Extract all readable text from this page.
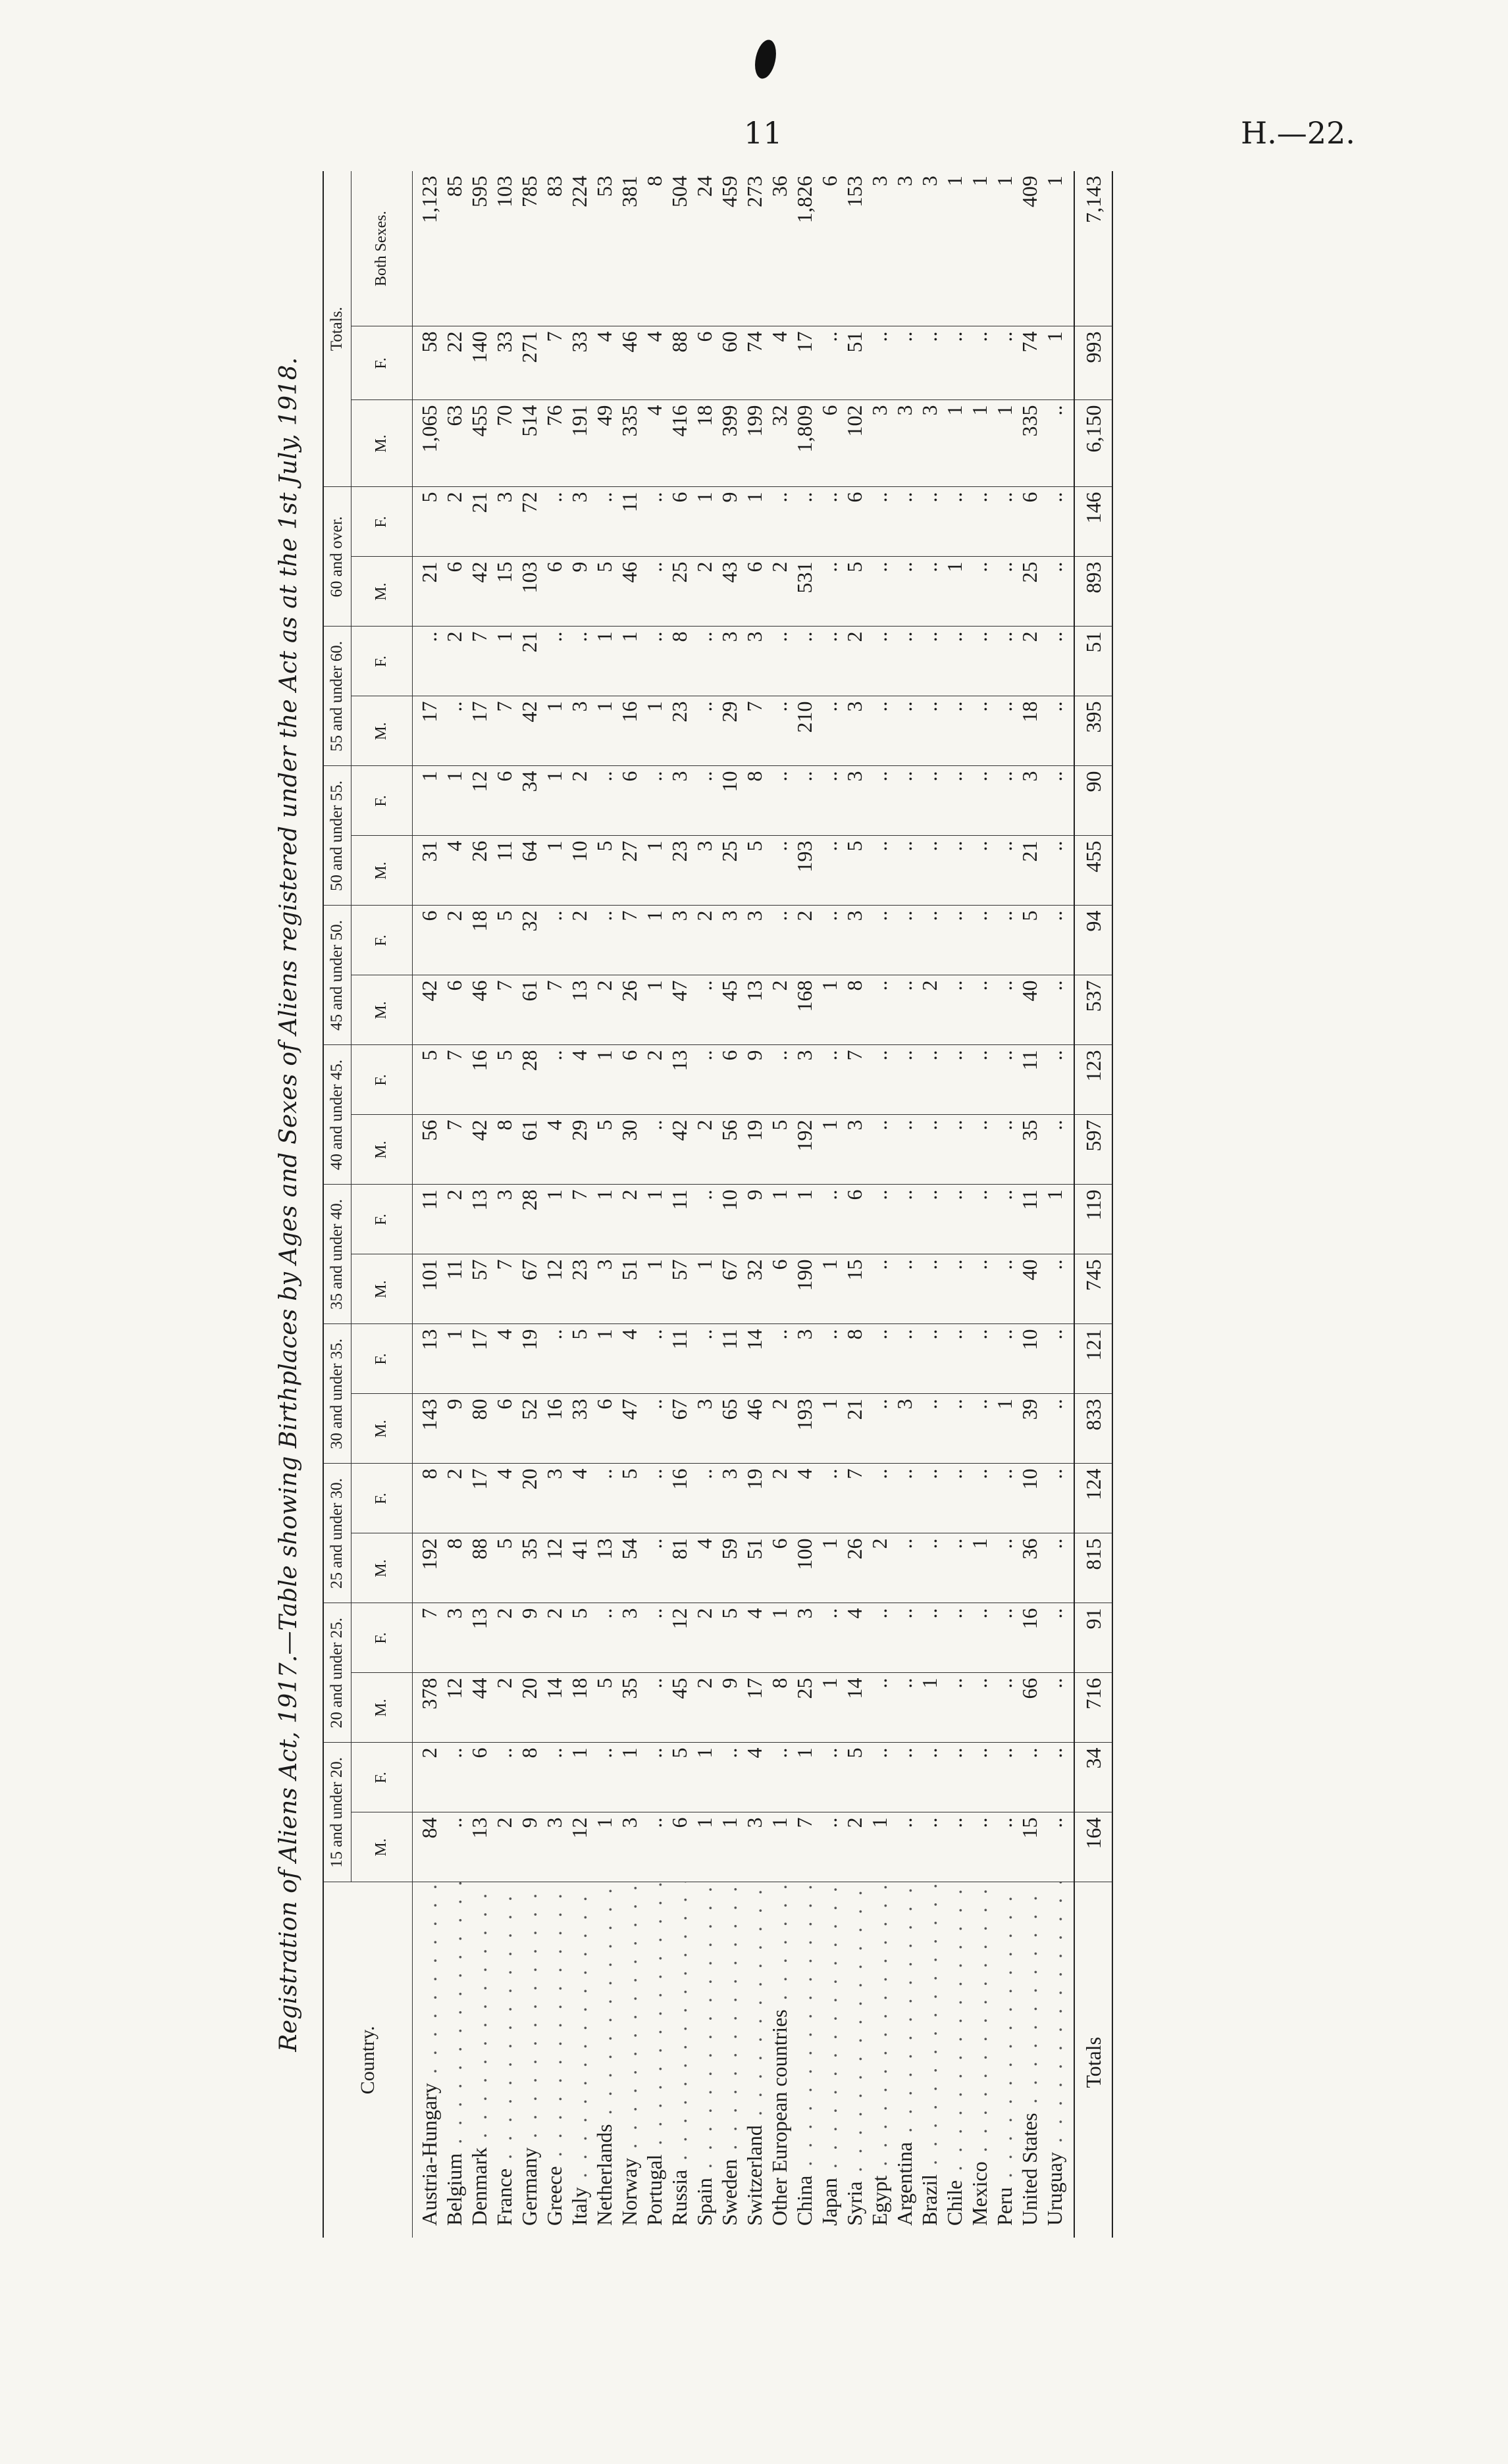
11	H.—22.
Registration of Aliens Act, 1917.—Table showing Birthplaces by Ages and Sexes of Aliens registered under the Act as at the 1st July, 1918.
Country.	15 and under 20.		20 and under 25.		25 and under 30.		30 and under 35.		35 and under 40.		40 and under 45.		45 and under 50.		50 and under 55.		55 and under 60.		60 and over.		Totals.		
	M.	F.	M.	F.	M.	F.	M.	F.	M.	F.	M.	F.	M.	F.	M.	F.	M.	F.	M.	F.	M.	F.	Both Sexes.
Austria-Hungary . . .	84	2	378	7	192	8	143	13	101	11	56	5	42	6	31	1	17	..	21	5	1,065	58	1,123
Belgium . . .	..	..	12	3	8	2	9	1	11	2	7	7	6	2	4	1	..	2	6	2	63	22	85
Denmark . . .	13	6	44	13	88	17	80	17	57	13	42	16	46	18	26	12	17	7	42	21	455	140	595
France . . .	2	..	2	2	5	4	6	4	7	3	8	5	7	5	11	6	7	1	15	3	70	33	103
Germany . . .	9	8	20	9	35	20	52	19	67	28	61	28	61	32	64	34	42	21	103	72	514	271	785
Greece . . .	3	..	14	2	12	3	16	..	12	1	4	..	7	..	1	1	1	..	6	..	76	7	83
Italy . . .	12	1	18	5	41	4	33	5	23	7	29	4	13	2	10	2	3	..	9	3	191	33	224
Netherlands . . .	1	..	5	..	13	..	6	1	3	1	5	1	2	..	5	..	1	1	5	..	49	4	53
Norway . . .	3	1	35	3	54	5	47	4	51	2	30	6	26	7	27	6	16	1	46	11	335	46	381
Portugal . . .	..	..	..	..	..	..	..	..	1	1	..	2	1	1	1	..	1	..	..	..	4	4	8
Russia . . .	6	5	45	12	81	16	67	11	57	11	42	13	47	3	23	3	23	8	25	6	416	88	504
Spain . . .	1	1	2	2	4	..	3	..	1	..	2	..	..	2	3	..	..	..	2	1	18	6	24
Sweden . . .	1	..	9	5	59	3	65	11	67	10	56	6	45	3	25	10	29	3	43	9	399	60	459
Switzerland . . .	3	4	17	4	51	19	46	14	32	9	19	9	13	3	5	8	7	3	6	1	199	74	273
Other European countries . . .	1	..	8	1	6	2	2	..	6	1	5	..	2	..	..	..	..	..	2	..	32	4	36
China . . .	7	1	25	3	100	4	193	3	190	1	192	3	168	2	193	..	210	..	531	..	1,809	17	1,826
Japan . . .	..	..	1	..	1	..	1	..	1	..	1	..	1	..	..	..	..	..	..	..	6	..	6
Syria . . .	2	5	14	4	26	7	21	8	15	6	3	7	8	3	5	3	3	2	5	6	102	51	153
Egypt . . .	1	..	..	..	2	..	..	..	..	..	..	..	..	..	..	..	..	..	..	..	3	..	3
Argentina . . .	..	..	..	..	..	..	3	..	..	..	..	..	..	..	..	..	..	..	..	..	3	..	3
Brazil . . .	..	..	1	..	..	..	..	..	..	..	..	..	2	..	..	..	..	..	..	..	3	..	3
Chile . . .	..	..	..	..	..	..	..	..	..	..	..	..	..	..	..	..	..	..	1	..	1	..	1
Mexico . . .	..	..	..	..	1	..	..	..	..	..	..	..	..	..	..	..	..	..	..	..	1	..	1
Peru . . .	..	..	..	..	..	..	1	..	..	..	..	..	..	..	..	..	..	..	..	..	1	..	1
United States . . .	15	..	66	16	36	10	39	10	40	11	35	11	40	5	21	3	18	2	25	6	335	74	409
Uruguay . . .	..	..	..	..	..	..	..	..	..	1	..	..	..	..	..	..	..	..	..	..	..	1	1
Totals	164	34	716	91	815	124	833	121	745	119	597	123	537	94	455	90	395	51	893	146	6,150	993	7,143
